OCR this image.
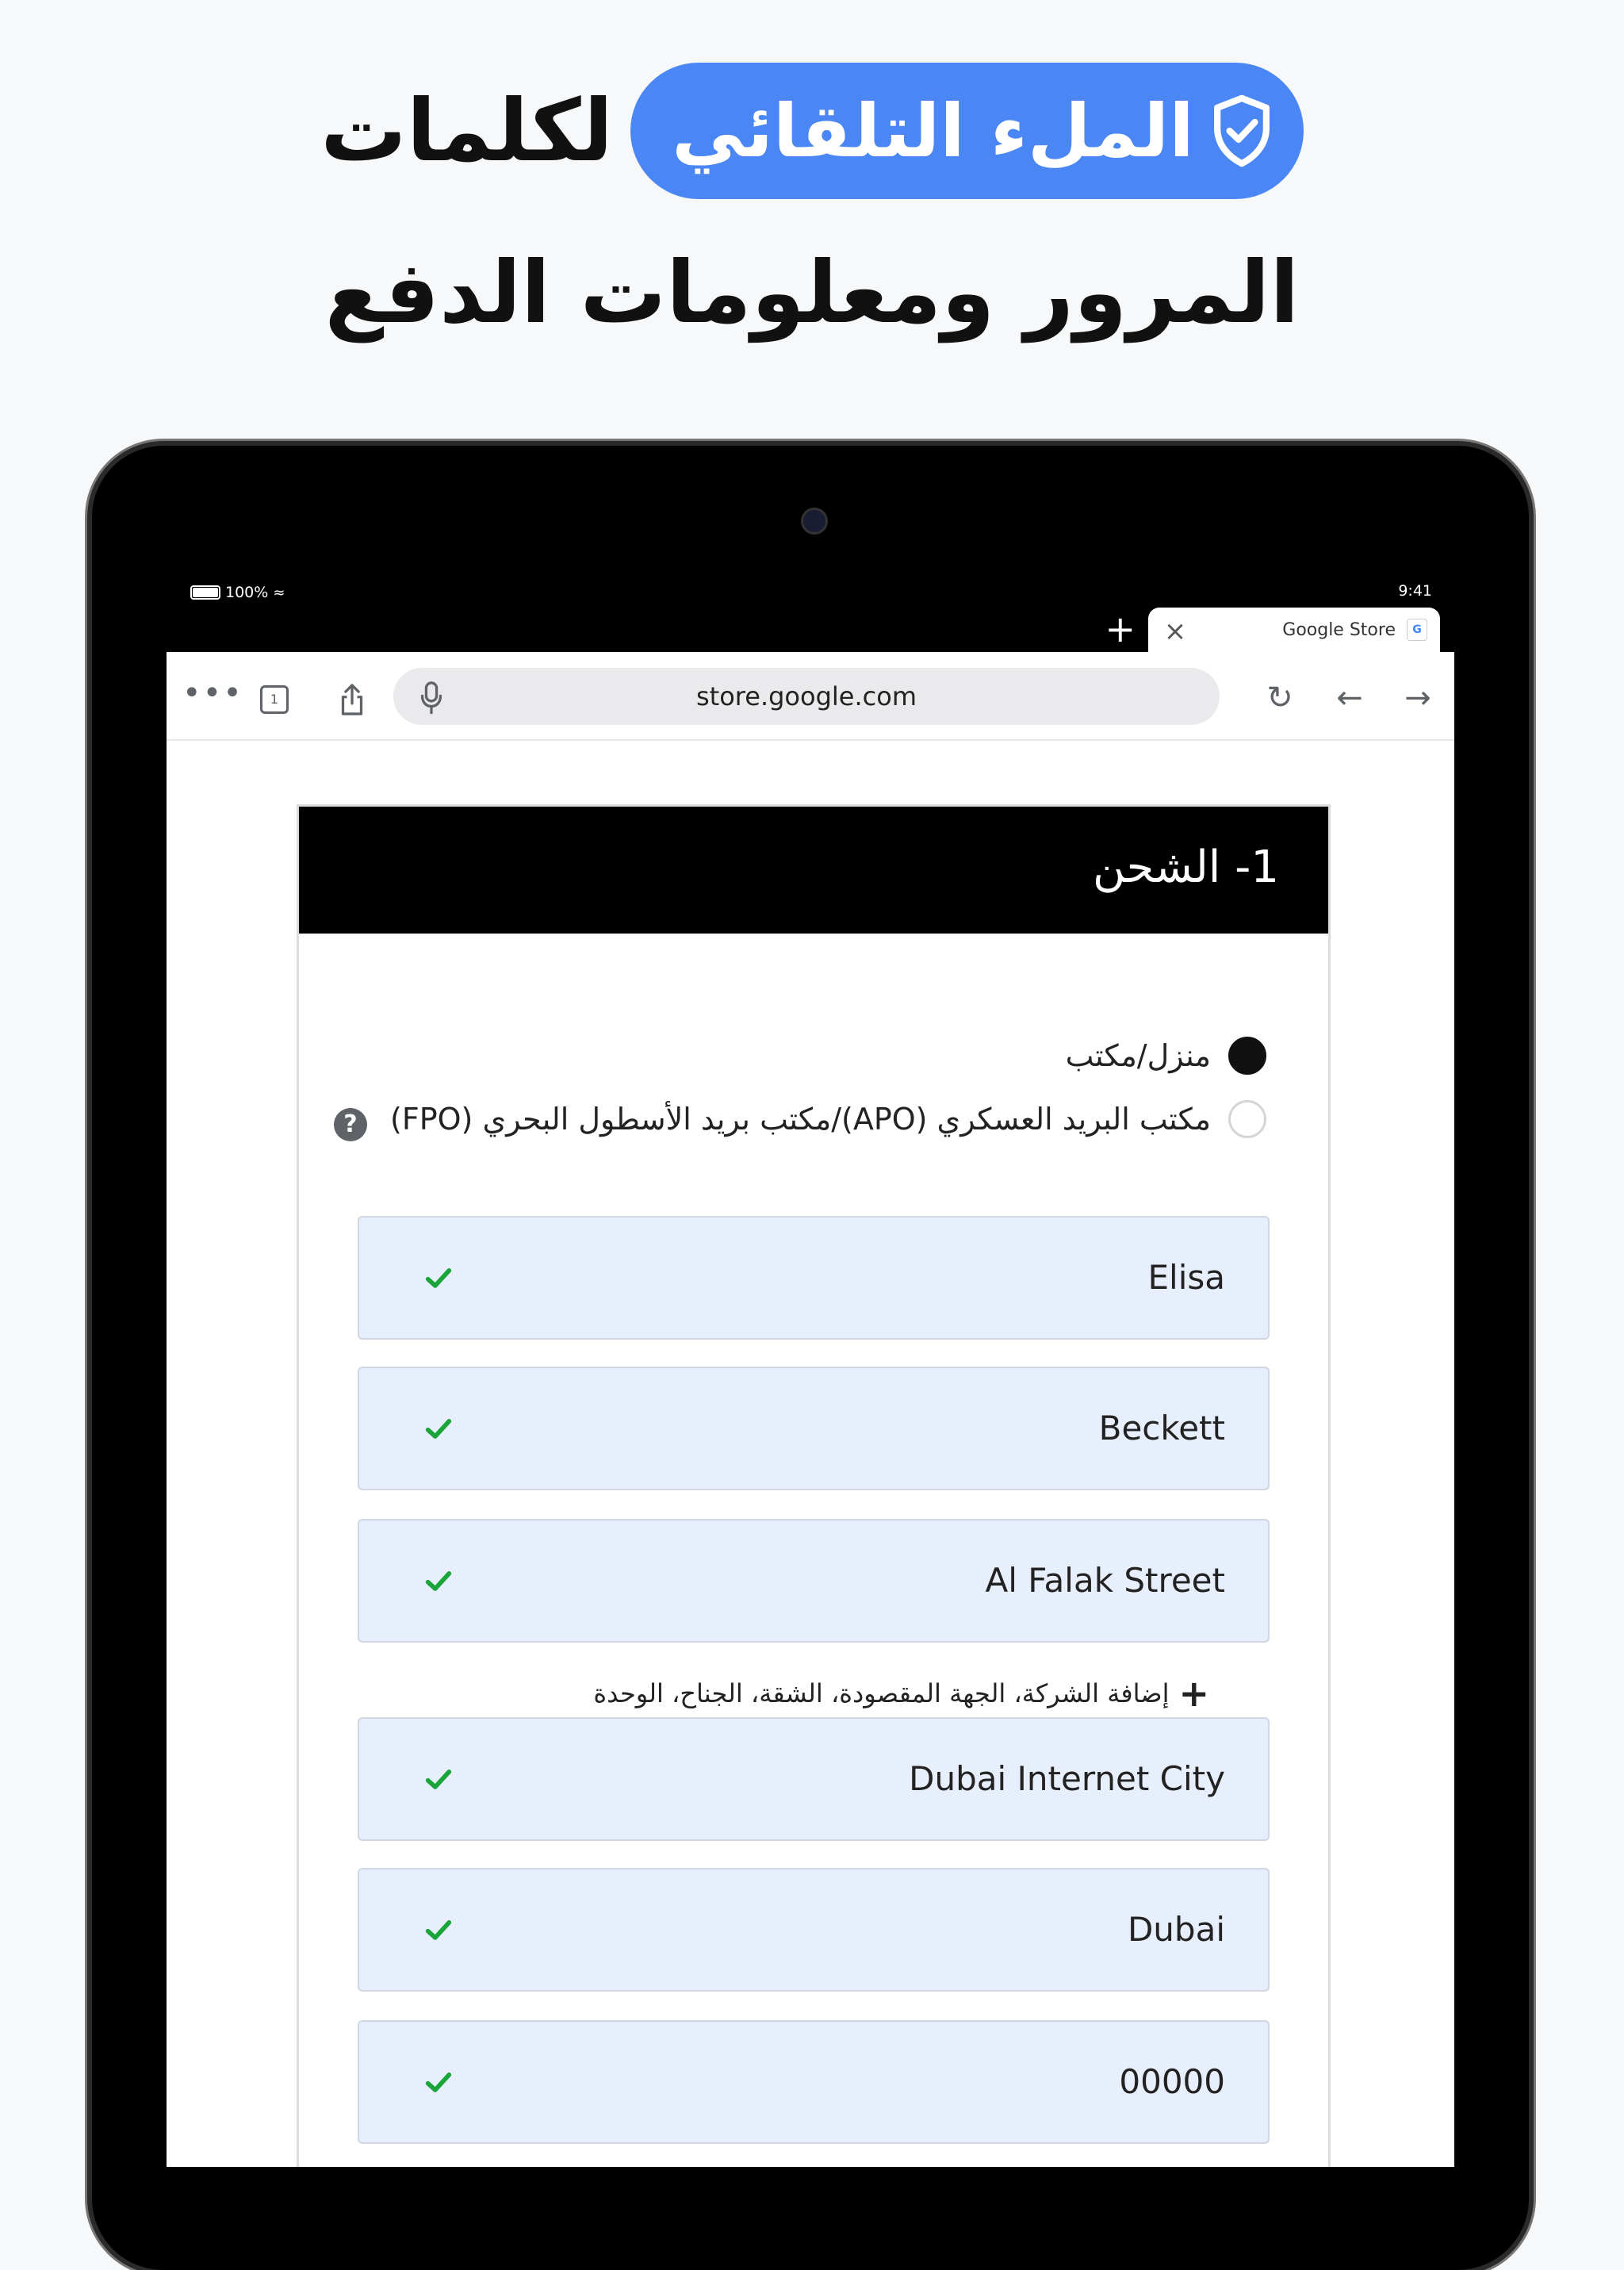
الملء التلقائي
لكلمات
المرور ومعلومات الدفع
100% ≈	9:41
+ ×	Google Store	G
•••	1	store.google.com	↻ ← →
1- الشحن
منزل/مكتب
مكتب البريد العسكري (APO)/مكتب بريد الأسطول البحري (FPO)
?
Elisa
Beckett
Al Falak Street
+
إضافة الشركة، الجهة المقصودة، الشقة، الجناح، الوحدة
Dubai Internet City
Dubai
00000
